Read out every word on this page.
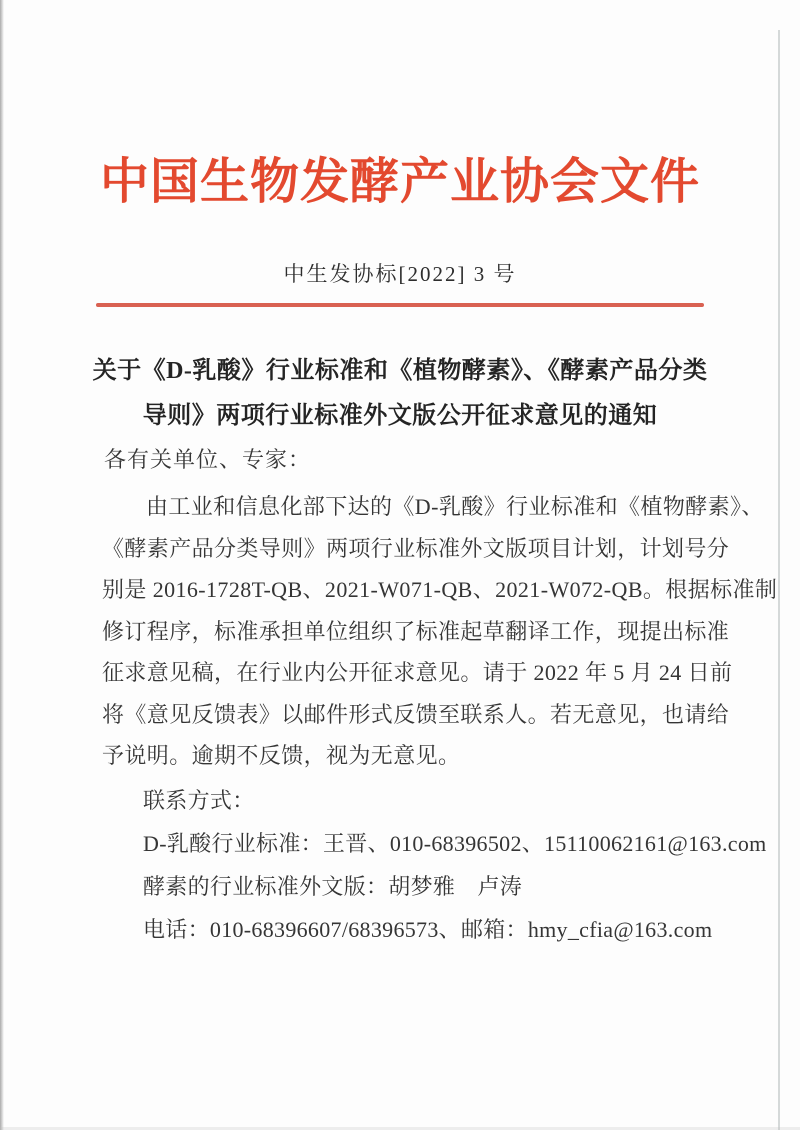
中国生物发酵产业协会文件
中生发协标[2022] 3 号
关于《D-乳酸》行业标准和《植物酵素》、《酵素产品分类
导则》两项行业标准外文版公开征求意见的通知
各有关单位、专家：
由工业和信息化部下达的《D-乳酸》行业标准和《植物酵素》、
《酵素产品分类导则》两项行业标准外文版项目计划，计划号分
别是 2016-1728T-QB、2021-W071-QB、2021-W072-QB。根据标准制
修订程序，标准承担单位组织了标准起草翻译工作，现提出标准
征求意见稿，在行业内公开征求意见。请于 2022 年 5 月 24 日前
将《意见反馈表》以邮件形式反馈至联系人。若无意见，也请给
予说明。逾期不反馈，视为无意见。
联系方式：
D-乳酸行业标准：王晋、010-68396502、15110062161@163.com
酵素的行业标准外文版：胡梦雅　卢涛
电话：010-68396607/68396573、邮箱：hmy_cfia@163.com
